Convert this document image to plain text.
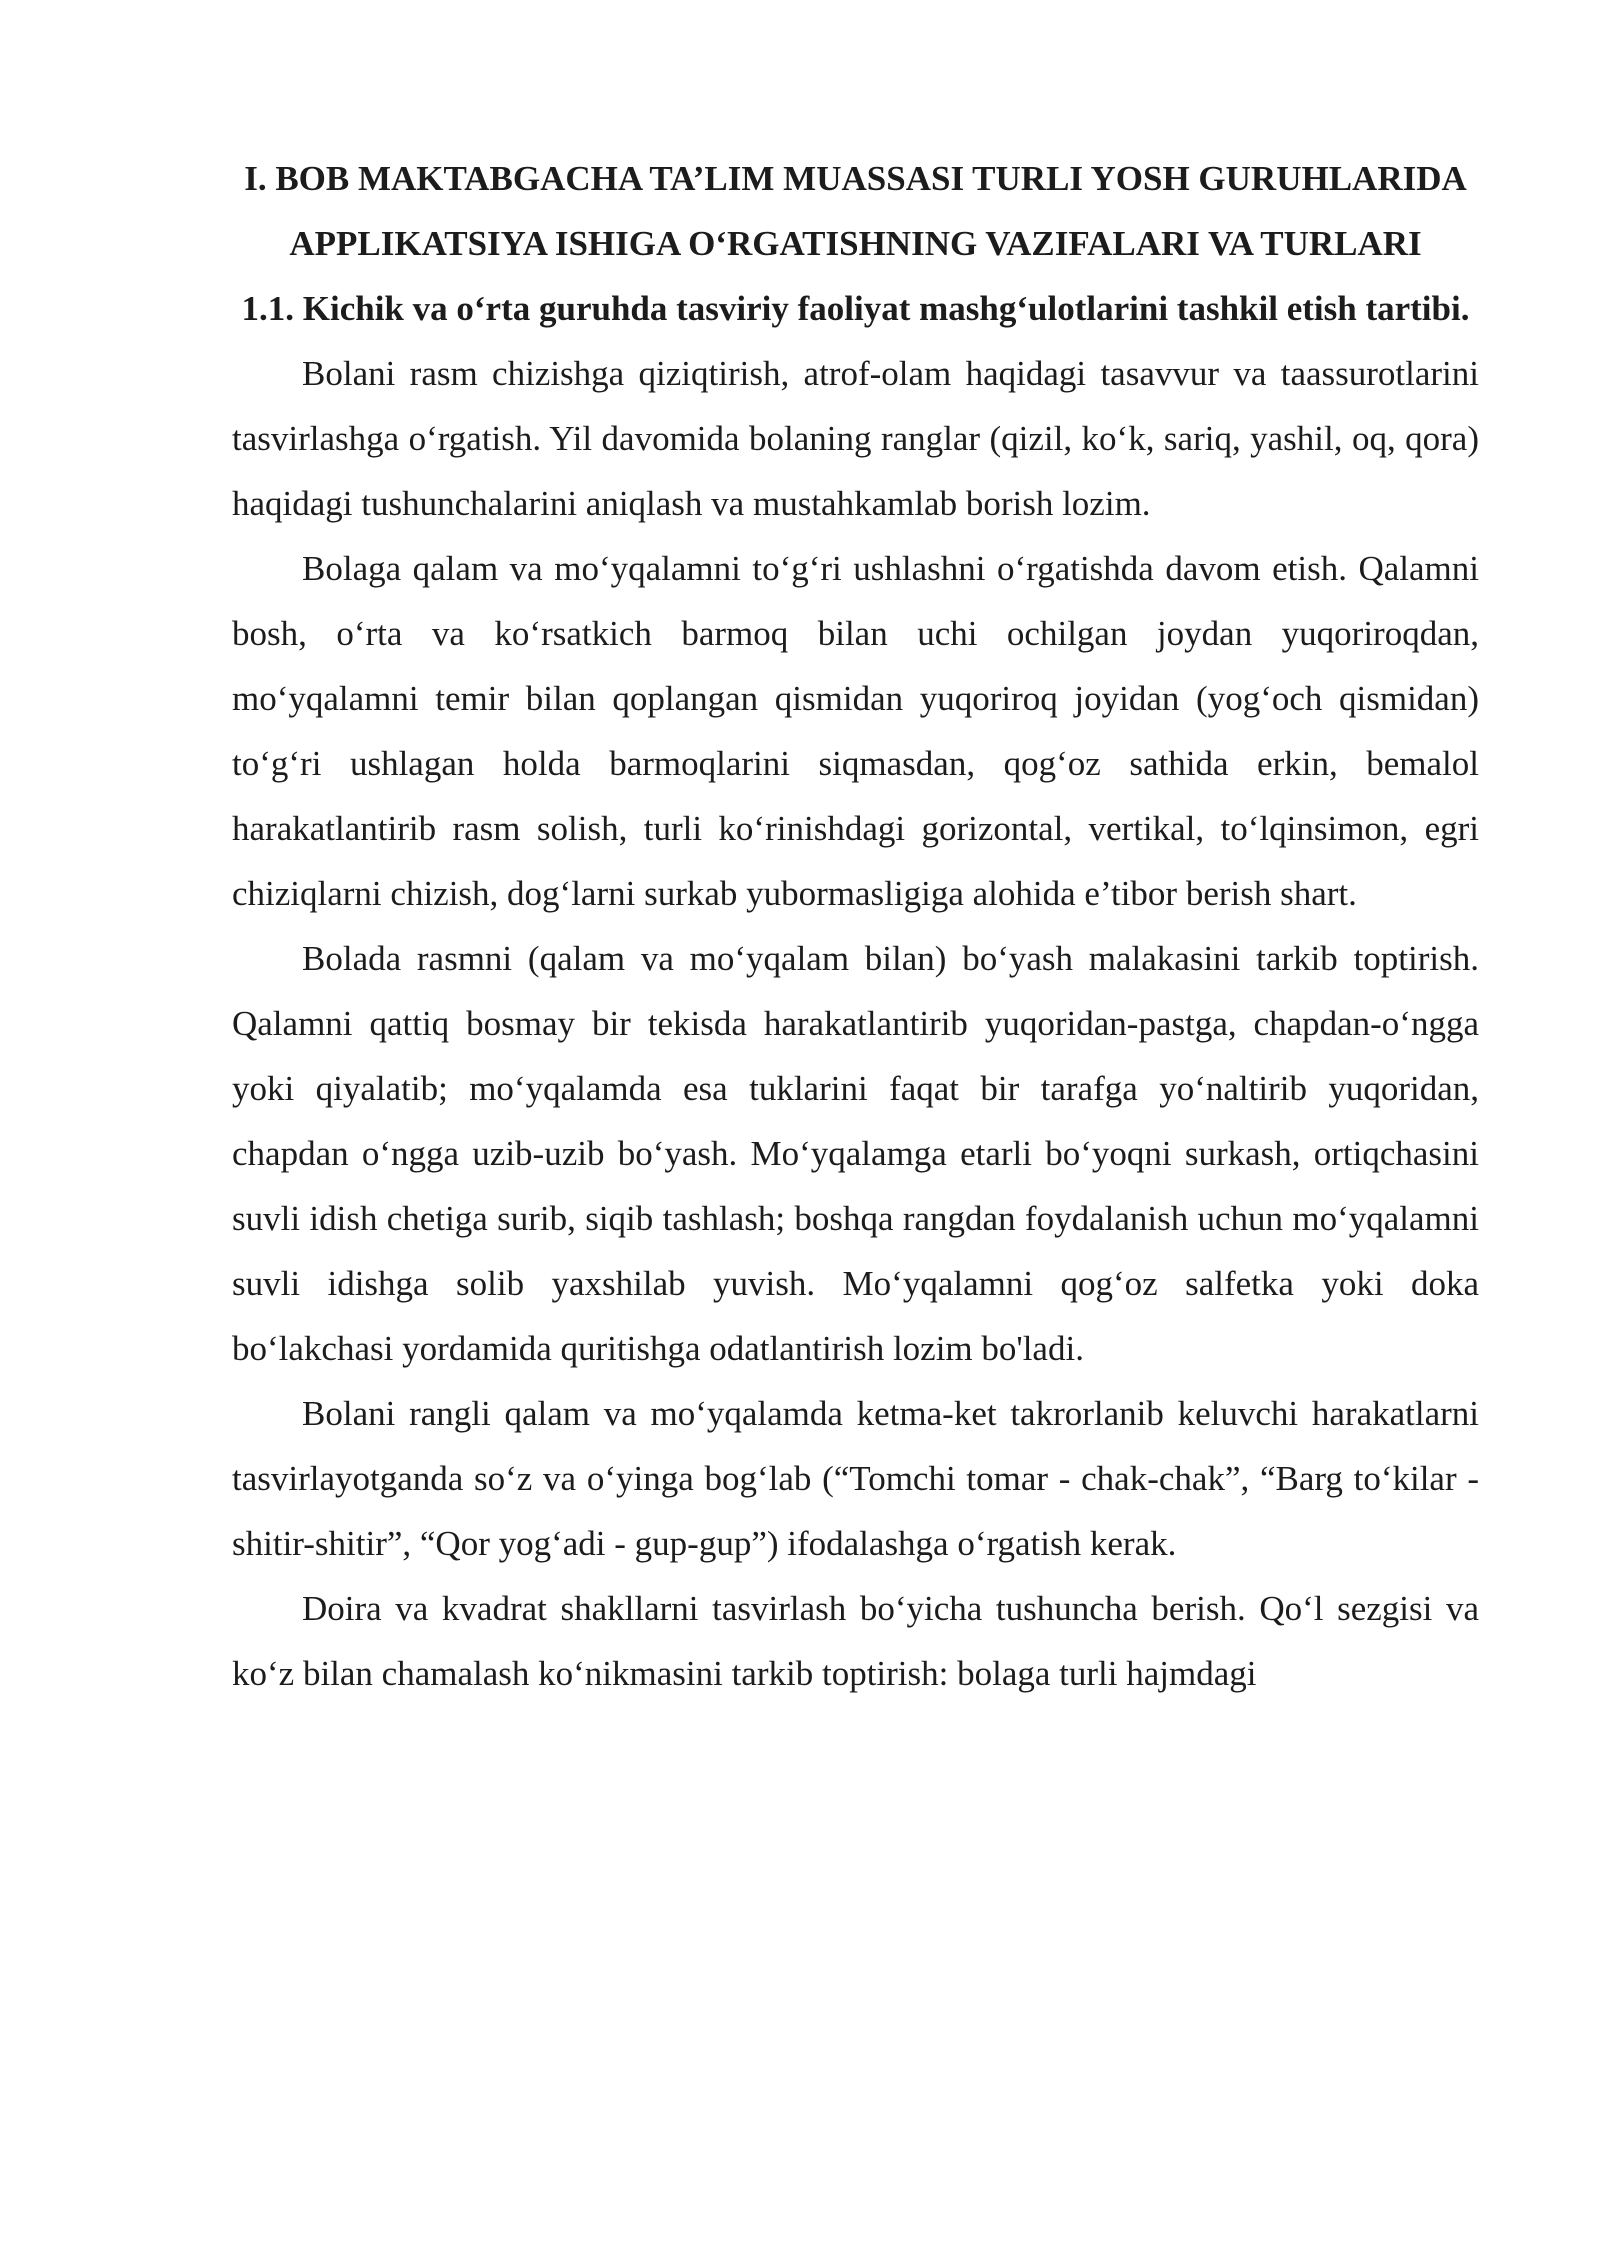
I. BOB MAKTABGACHA TA’LIM MUASSASI TURLI YOSH GURUHLARIDA APPLIKATSIYA ISHIGA O‘RGATISHNING VAZIFALARI VA TURLARI
1.1. Kichik va o‘rta guruhda tasviriy faoliyat mashg‘ulotlarini tashkil etish tartibi.

Bolani rasm chizishga qiziqtirish, atrof-olam haqidagi tasavvur va taassurotlarini tasvirlashga o‘rgatish. Yil davomida bolaning ranglar (qizil, ko‘k, sariq, yashil, oq, qora) haqidagi tushunchalarini aniqlash va mustahkamlab borish lozim.

Bolaga qalam va mo‘yqalamni to‘g‘ri ushlashni o‘rgatishda davom etish. Qalamni bosh, o‘rta va ko‘rsatkich barmoq bilan uchi ochilgan joydan yuqoriroqdan, mo‘yqalamni temir bilan qoplangan qismidan yuqoriroq joyidan (yog‘och qismidan) to‘g‘ri ushlagan holda barmoqlarini siqmasdan, qog‘oz sathida erkin, bemalol harakatlantirib rasm solish, turli ko‘rinishdagi gorizontal, vertikal, to‘lqinsimon, egri chiziqlarni chizish, dog‘larni surkab yubormasligiga alohida e’tibor berish shart.

Bolada rasmni (qalam va mo‘yqalam bilan) bo‘yash malakasini tarkib toptirish. Qalamni qattiq bosmay bir tekisda harakatlantirib yuqoridan-pastga, chapdan-o‘ngga yoki qiyalatib; mo‘yqalamda esa tuklarini faqat bir tarafga yo‘naltirib yuqoridan, chapdan o‘ngga uzib-uzib bo‘yash. Mo‘yqalamga etarli bo‘yoqni surkash, ortiqchasini suvli idish chetiga surib, siqib tashlash; boshqa rangdan foydalanish uchun mo‘yqalamni suvli idishga solib yaxshilab yuvish. Mo‘yqalamni qog‘oz salfetka yoki doka bo‘lakchasi yordamida quritishga odatlantirish lozim bo'ladi.

Bolani rangli qalam va mo‘yqalamda ketma-ket takrorlanib keluvchi harakatlarni tasvirlayotganda so‘z va o‘yinga bog‘lab (“Tomchi tomar - chak-chak”, “Barg to‘kilar - shitir-shitir”, “Qor yog‘adi - gup-gup”) ifodalashga o‘rgatish kerak.

Doira va kvadrat shakllarni tasvirlash bo‘yicha tushuncha berish. Qo‘l sezgisi va ko‘z bilan chamalash ko‘nikmasini tarkib toptirish: bolaga turli hajmdagi
